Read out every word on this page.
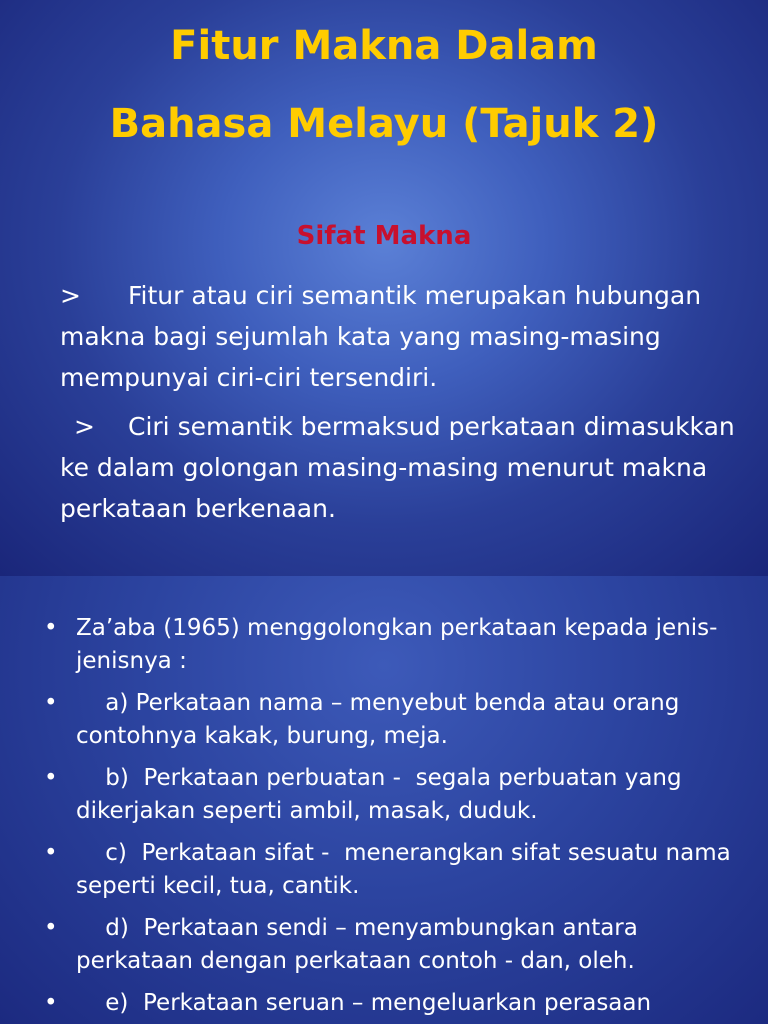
Fitur Makna Dalam
Bahasa Melayu (Tajuk 2)
Sifat Makna

> Fitur atau ciri semantik merupakan hubungan makna bagi sejumlah kata yang masing-masing mempunyai ciri-ciri tersendiri.

> Ciri semantik bermaksud perkataan dimasukkan ke dalam golongan masing-masing menurut makna perkataan berkenaan.

• Za’aba (1965) menggolongkan perkataan kepada jenis-jenisnya :
• a) Perkataan nama – menyebut benda atau orang contohnya kakak, burung, meja.
• b)  Perkataan perbuatan -  segala perbuatan yang dikerjakan seperti ambil, masak, duduk.
• c)  Perkataan sifat -  menerangkan sifat sesuatu nama seperti kecil, tua, cantik.
• d)  Perkataan sendi – menyambungkan antara perkataan dengan perkataan contoh - dan, oleh.
• e)  Perkataan seruan – mengeluarkan perasaan
